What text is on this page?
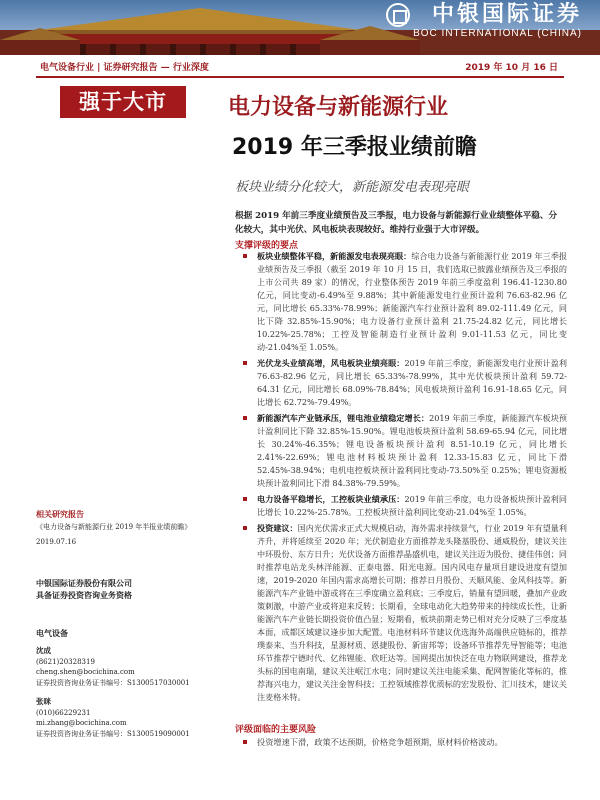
中银国际证券
BOC INTERNATIONAL (CHINA)
电气设备行业 | 证券研究报告 — 行业深度	2019 年 10 月 16 日
强于大市	电力设备与新能源行业
2019 年三季报业绩前瞻
板块业绩分化较大，新能源发电表现亮眼
根据 2019 年前三季度业绩预告及三季报，电力设备与新能源行业业绩整体平稳、分化较大，其中光伏、风电板块表现较好。维持行业强于大市评级。
支撑评级的要点
板块业绩整体平稳，新能源发电表现亮眼：综合电力设备与新能源行业 2019 年三季报业绩预告及三季报（截至 2019 年 10 月 15 日，我们选取已披露业绩预告及三季报的上市公司共 89 家）的情况，行业整体预告 2019 年前三季度盈利 196.41-1230.80 亿元，同比变动-6.49%至 9.88%；其中新能源发电行业预计盈利 76.63-82.96 亿元，同比增长 65.33%-78.99%；新能源汽车行业预计盈利 89.02-111.49 亿元，同比下降 32.85%-15.90%；电力设备行业预计盈利 21.75-24.82 亿元，同比增长 10.22%-25.78%；工控及智能制造行业预计盈利 9.01-11.53 亿元，同比变动-21.04%至 1.05%。
光伏龙头业绩高增，风电板块业绩亮眼：2019 年前三季度，新能源发电行业预计盈利 76.63-82.96 亿元，同比增长 65.33%-78.99%，其中光伏板块预计盈利 59.72-64.31 亿元，同比增长 68.09%-78.84%；风电板块预计盈利 16.91-18.65 亿元，同比增长 62.72%-79.49%。
新能源汽车产业链承压，锂电池业绩稳定增长：2019 年前三季度，新能源汽车板块预计盈利同比下降 32.85%-15.90%。锂电池板块预计盈利 58.69-65.94 亿元，同比增长 30.24%-46.35%；锂电设备板块预计盈利 8.51-10.19 亿元，同比增长 2.41%-22.69%；锂电池材料板块预计盈利 12.33-15.83 亿元，同比下滑 52.45%-38.94%；电机电控板块预计盈利同比变动-73.50%至 0.25%；锂电资源板块预计盈利同比下滑 84.38%-79.59%。
电力设备平稳增长，工控板块业绩承压：2019 年前三季度，电力设备板块预计盈利同比增长 10.22%-25.78%。工控板块预计盈利同比变动-21.04%至 1.05%。
投资建议：国内光伏需求正式大规模启动，海外需求持续景气，行业 2019 年有望量利齐升，并将延续至 2020 年；光伏制造业方面推荐龙头隆基股份、通威股份，建议关注中环股份、东方日升；光伏设备方面推荐晶盛机电，建议关注迈为股份、捷佳伟创；同时推荐电站龙头林洋能源、正泰电器、阳光电源。国内风电存量项目建设进度有望加速，2019-2020 年国内需求高增长可期；推荐日月股份、天顺风能、金风科技等。新能源汽车产业链中游或将在三季度确立盈利底；三季度后，销量有望回暖，叠加产业政策刺激，中游产业或将迎来反转；长期看，全球电动化大趋势带来的持续成长性，让新能源汽车产业链长期投资价值凸显；短期看，板块前期走势已相对充分反映了三季度基本面，成都区域建议逢步加大配置。电池材料环节建议优选海外高端供应链标的，推荐璞泰来、当升科技，星源材质、恩捷股份、新宙邦等；设备环节推荐先导智能等；电池环节推荐宁德时代、亿纬锂能、欣旺达等。国网提出加快泛在电力物联网建设，推荐龙头标的国电南瑞，建议关注岷江水电；同时建议关注电能采集、配网智能化等标的，推荐海兴电力，建议关注金智科技；工控领域推荐优质标的宏发股份、汇川技术，建议关注麦格米特。
评级面临的主要风险
投资增速下滑，政策不达预期，价格竞争超预期，原材料价格波动。
相关研究报告
《电力设备与新能源行业 2019 年半报业绩前瞻》
2019.07.16
中银国际证券股份有限公司
具备证券投资咨询业务资格
电气设备
沈成
(8621)20328319
cheng.shen@bocichina.com
证券投资咨询业务证书编号：S1300517030001
张咪
(010)66229231
mi.zhang@bocichina.com
证券投资咨询业务证书编号：S1300519090001
